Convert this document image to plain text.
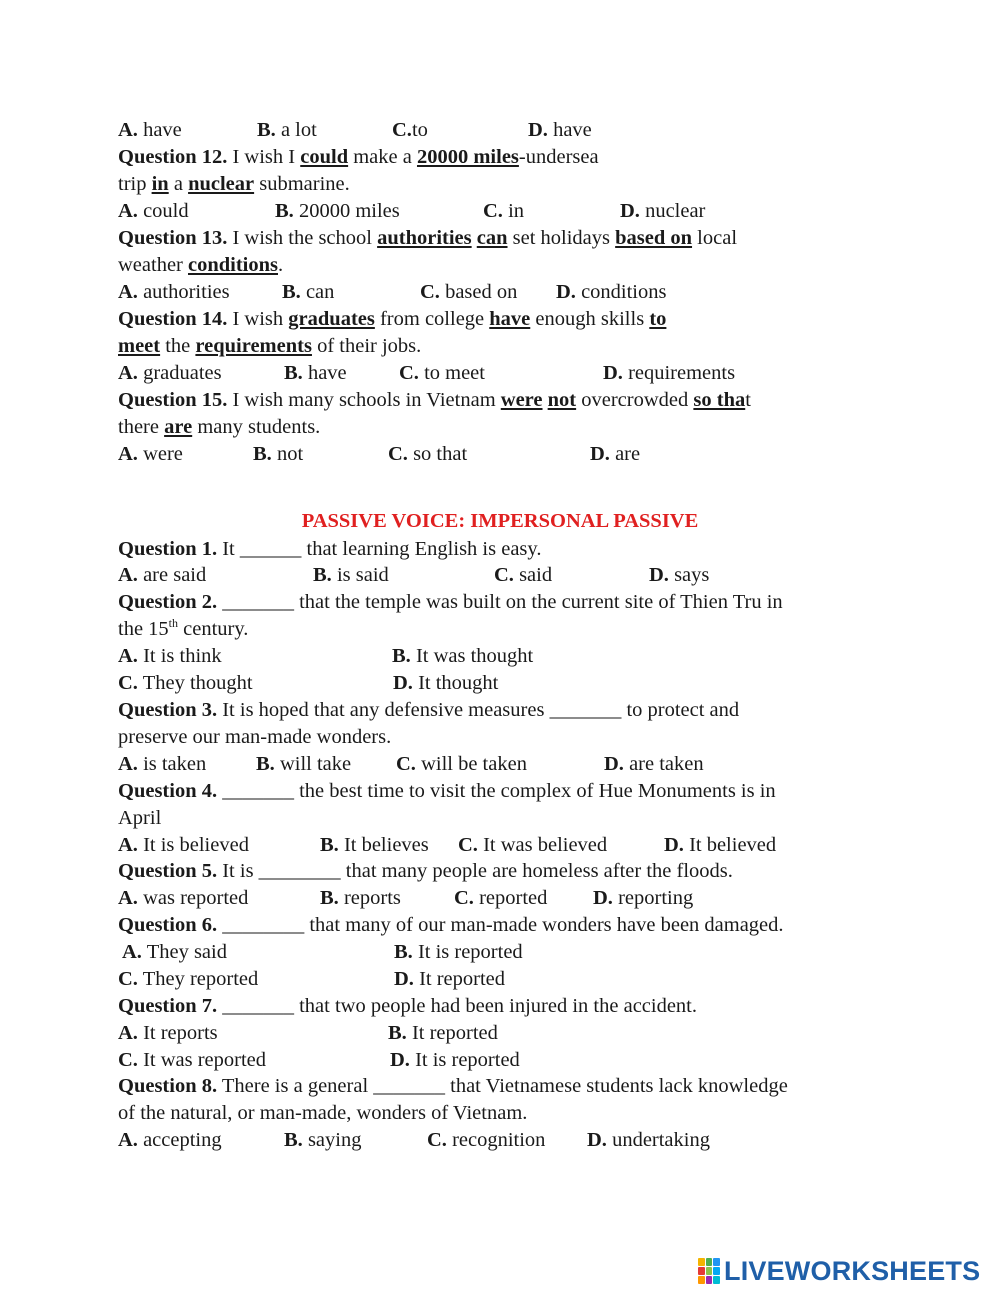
A. have	B. a lot	C.to	D. have
Question 12. I wish I could make a 20000 miles-undersea
trip in a nuclear submarine.
A. could	B. 20000 miles	C. in	D. nuclear
Question 13. I wish the school authorities can set holidays based on local
weather conditions.
A. authorities	B. can	C. based on D. conditions
Question 14. I wish graduates from college have enough skills to
meet the requirements of their jobs.
A. graduates	B. have	C. to meet	D. requirements
Question 15. I wish many schools in Vietnam were not overcrowded so that
there are many students.
A. were	B. not	C. so that	D. are
PASSIVE VOICE: IMPERSONAL PASSIVE
Question 1. It ______ that learning English is easy.
A. are said	B. is said	C. said	D. says
Question 2. _______ that the temple was built on the current site of Thien Tru in
the 15th century.
A. It is think	B. It was thought
C. They thought	D. It thought
Question 3. It is hoped that any defensive measures _______ to protect and
preserve our man-made wonders.
A. is taken B. will take C. will be taken	D. are taken
Question 4. _______ the best time to visit the complex of Hue Monuments is in
April
A. It is believed	B. It believes C. It was believed	D. It believed
Question 5. It is ________ that many people are homeless after the floods.
A. was reported	B. reports	C. reported D. reporting
Question 6. ________ that many of our man-made wonders have been damaged.
A. They said	B. It is reported
C. They reported	D. It reported
Question 7. _______ that two people had been injured in the accident.
A. It reports	B. It reported
C. It was reported	D. It is reported
Question 8. There is a general _______ that Vietnamese students lack knowledge
of the natural, or man-made, wonders of Vietnam.
A. accepting	B. saying	C. recognition D. undertaking
LIVEWORKSHEETS
